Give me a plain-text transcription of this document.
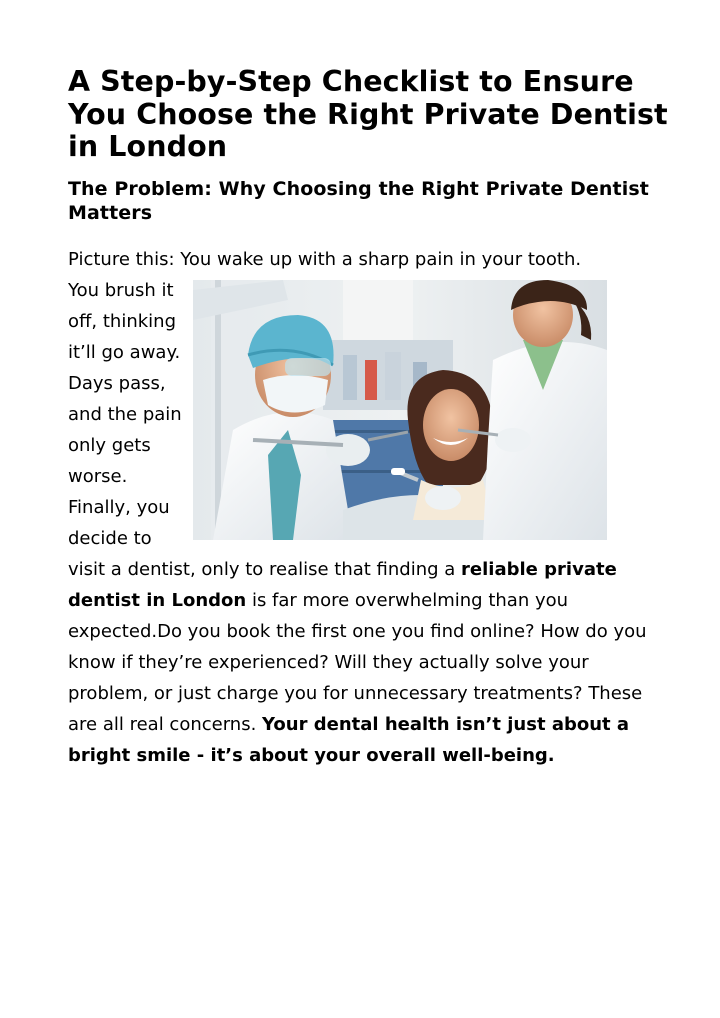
A Step-by-Step Checklist to Ensure You Choose the Right Private Dentist in London
The Problem: Why Choosing the Right Private Dentist Matters

Picture this: You wake up with a sharp pain in your tooth.

You brush it off, thinking it’ll go away. Days pass, and the pain only gets worse. Finally, you decide to visit a dentist, only to realise that finding a reliable private dentist in London is far more overwhelming than you expected.Do you book the first one you find online? How do you know if they’re experienced? Will they actually solve your problem, or just charge you for unnecessary treatments? These are all real concerns. Your dental health isn’t just about a bright smile - it’s about your overall well-being.
